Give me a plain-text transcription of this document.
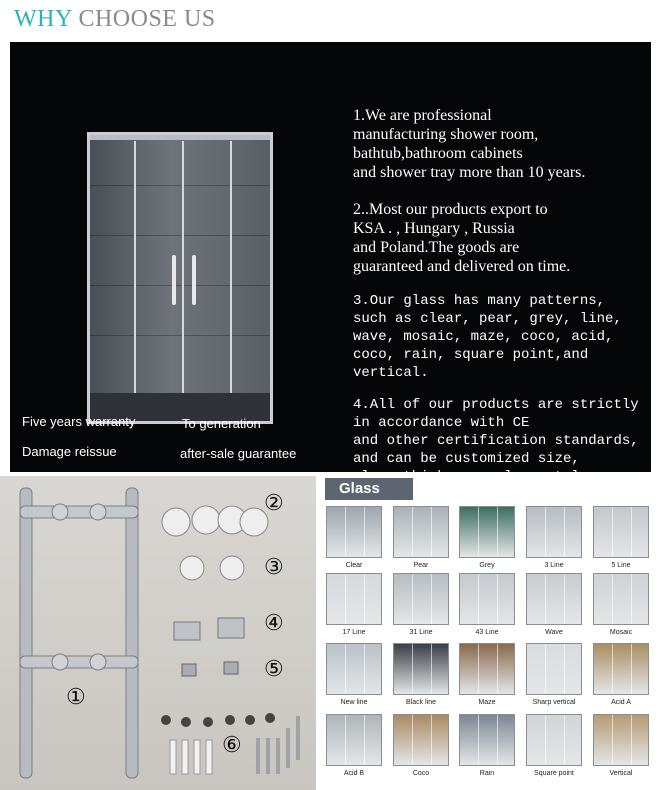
WHY CHOOSE US
Five years warranty	To generation
Damage reissue	after-sale guarantee

1.We are professional

manufacturing shower room,

bathtub,bathroom cabinets

and shower tray more than 10 years.

2..Most our products export to

KSA . , Hungary , Russia

and Poland.The goods are

guaranteed and delivered on time.

3.Our glass has many patterns,

such as clear, pear, grey, line,

wave, mosaic, maze, coco, acid,

coco, rain, square point,and

vertical.

4.All of our products are strictly

in accordance with CE

and other certification standards,

and can be customized size,

①
②
③
④
⑤
⑥
Glass
Clear	Pear	Grey	3 Line	5 Line
17 Line	31 Line	43 Line	Wave	Mosaic
New line	Black line	Maze	Sharp vertical	Acid A
Acid B	Coco	Rain	Square point	Vertical
